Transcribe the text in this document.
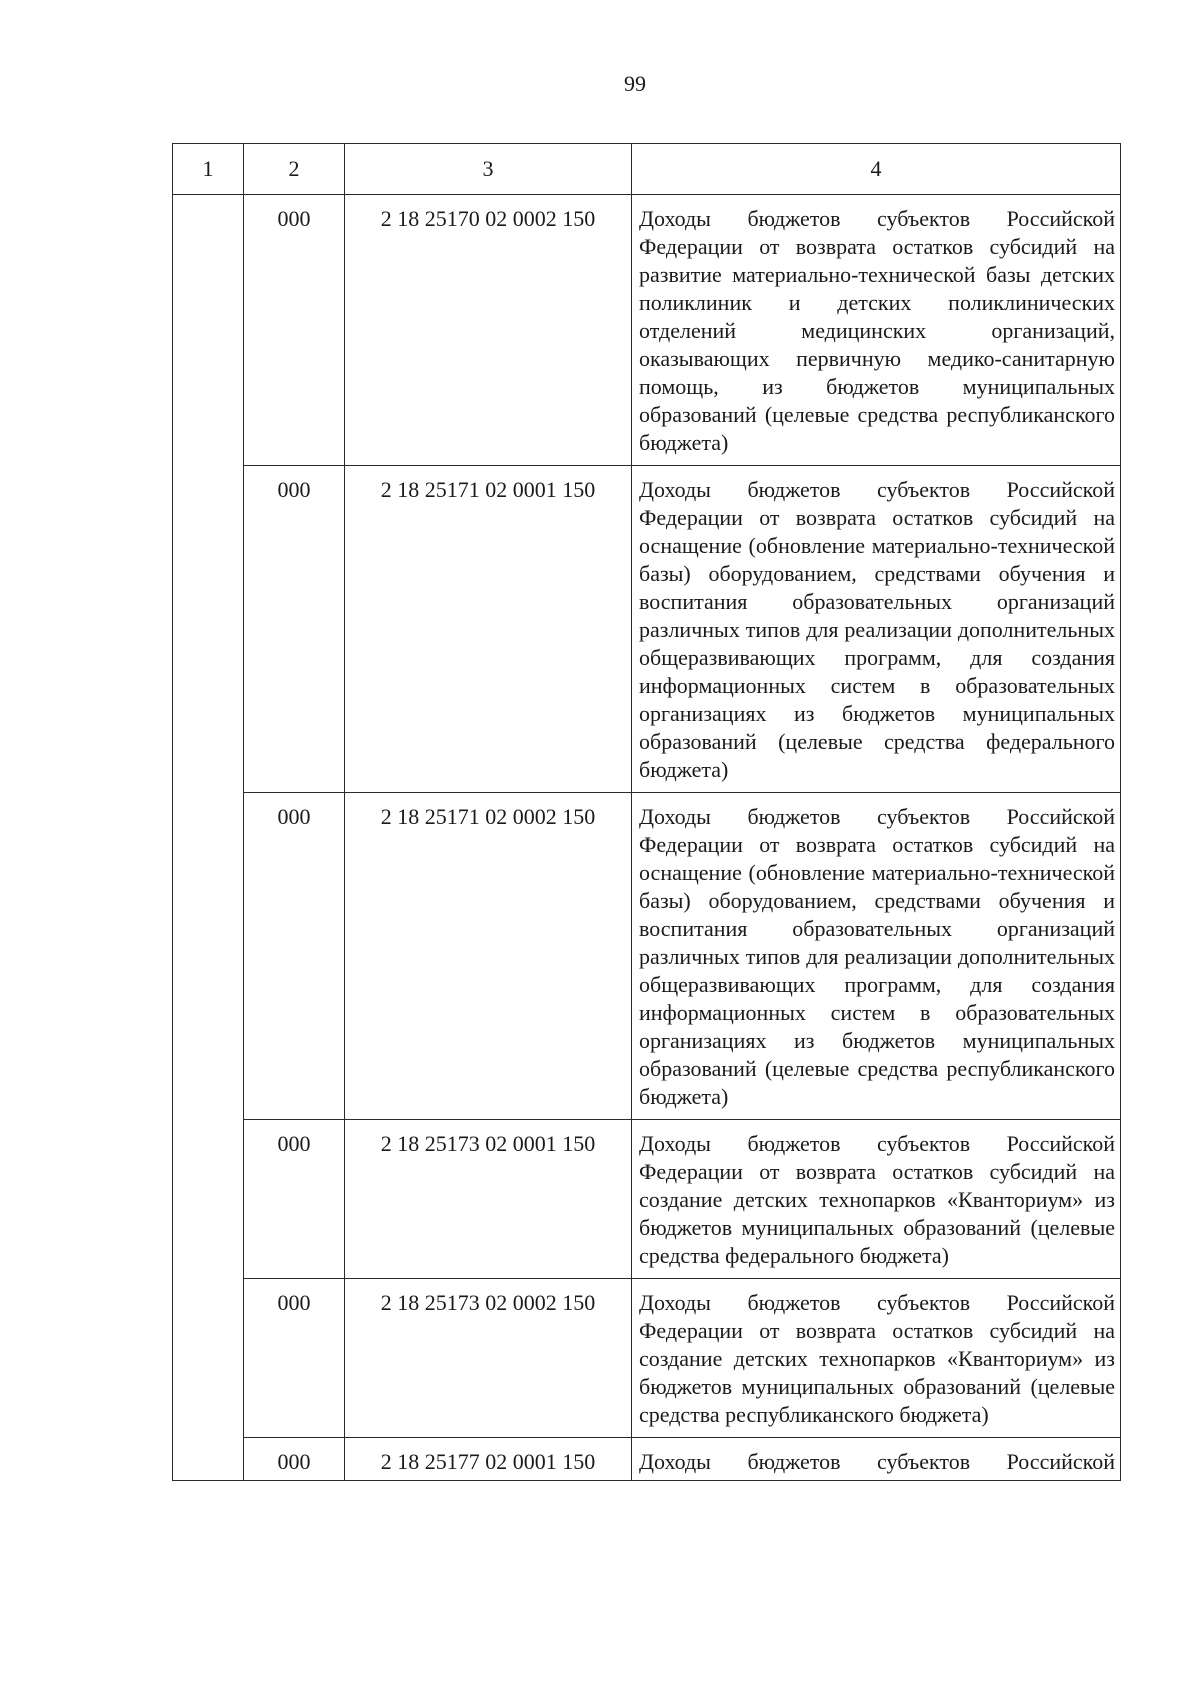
99
1	2	3	4
	000	2 18 25170 02 0002 150	Доходы бюджетов субъектов Российской Федерации от возврата остатков субсидий на развитие материально-технической базы детских поликлиник и детских поликлинических отделений медицинских организаций, оказывающих первичную медико-санитарную помощь, из бюджетов муниципальных образований (целевые средства республиканского бюджета)
	000	2 18 25171 02 0001 150	Доходы бюджетов субъектов Российской Федерации от возврата остатков субсидий на оснащение (обновление материально-технической базы) оборудованием, средствами обучения и воспитания образовательных организаций различных типов для реализации дополнительных общеразвивающих программ, для создания информационных систем в образовательных организациях из бюджетов муниципальных образований (целевые средства федерального бюджета)
	000	2 18 25171 02 0002 150	Доходы бюджетов субъектов Российской Федерации от возврата остатков субсидий на оснащение (обновление материально-технической базы) оборудованием, средствами обучения и воспитания образовательных организаций различных типов для реализации дополнительных общеразвивающих программ, для создания информационных систем в образовательных организациях из бюджетов муниципальных образований (целевые средства республиканского бюджета)
	000	2 18 25173 02 0001 150	Доходы бюджетов субъектов Российской Федерации от возврата остатков субсидий на создание детских технопарков «Кванториум» из бюджетов муниципальных образований (целевые средства федерального бюджета)
	000	2 18 25173 02 0002 150	Доходы бюджетов субъектов Российской Федерации от возврата остатков субсидий на создание детских технопарков «Кванториум» из бюджетов муниципальных образований (целевые средства республиканского бюджета)
	000	2 18 25177 02 0001 150	Доходы бюджетов субъектов Российской
